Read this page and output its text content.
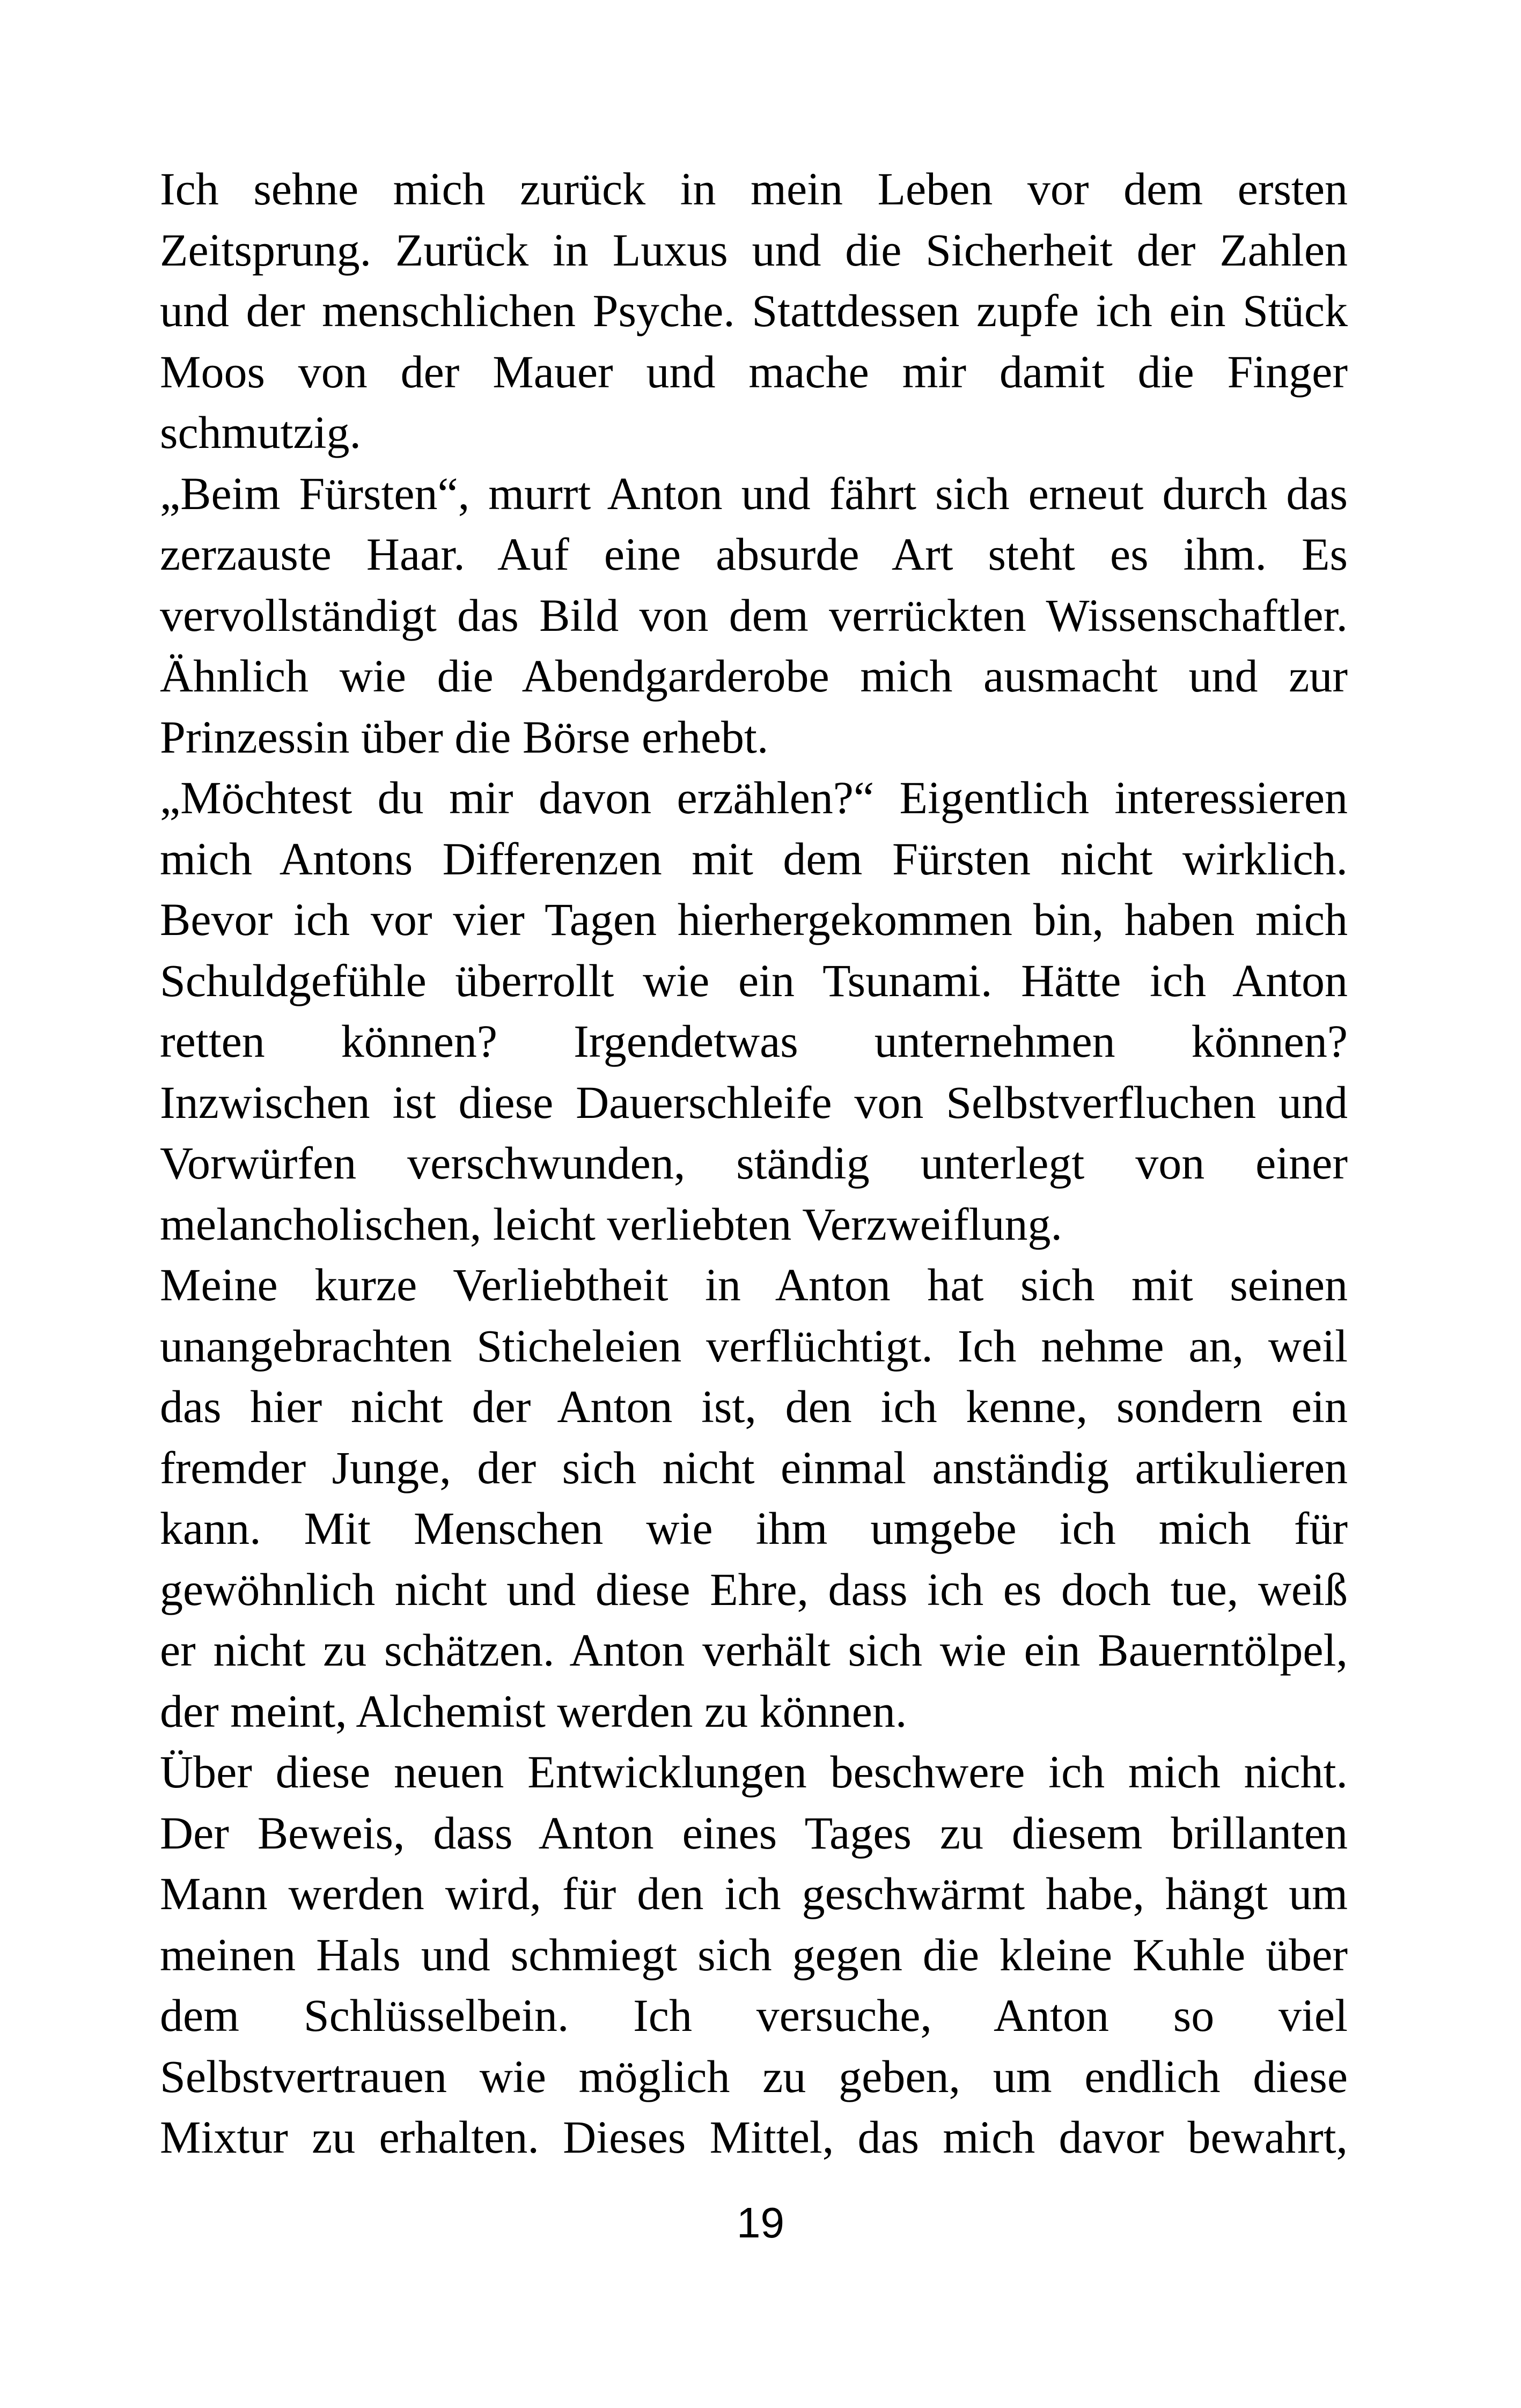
Ich sehne mich zurück in mein Leben vor dem ersten
Zeitsprung. Zurück in Luxus und die Sicherheit der Zahlen
und der menschlichen Psyche. Stattdessen zupfe ich ein Stück
Moos von der Mauer und mache mir damit die Finger
schmutzig.
„Beim Fürsten“, murrt Anton und fährt sich erneut durch das
zerzauste Haar. Auf eine absurde Art steht es ihm. Es
vervollständigt das Bild von dem verrückten Wissenschaftler.
Ähnlich wie die Abendgarderobe mich ausmacht und zur
Prinzessin über die Börse erhebt.
„Möchtest du mir davon erzählen?“ Eigentlich interessieren
mich Antons Differenzen mit dem Fürsten nicht wirklich.
Bevor ich vor vier Tagen hierhergekommen bin, haben mich
Schuldgefühle überrollt wie ein Tsunami. Hätte ich Anton
retten können? Irgendetwas unternehmen können?
Inzwischen ist diese Dauerschleife von Selbstverfluchen und
Vorwürfen verschwunden, ständig unterlegt von einer
melancholischen, leicht verliebten Verzweiflung.
Meine kurze Verliebtheit in Anton hat sich mit seinen
unangebrachten Sticheleien verflüchtigt. Ich nehme an, weil
das hier nicht der Anton ist, den ich kenne, sondern ein
fremder Junge, der sich nicht einmal anständig artikulieren
kann. Mit Menschen wie ihm umgebe ich mich für
gewöhnlich nicht und diese Ehre, dass ich es doch tue, weiß
er nicht zu schätzen. Anton verhält sich wie ein Bauerntölpel,
der meint, Alchemist werden zu können.
Über diese neuen Entwicklungen beschwere ich mich nicht.
Der Beweis, dass Anton eines Tages zu diesem brillanten
Mann werden wird, für den ich geschwärmt habe, hängt um
meinen Hals und schmiegt sich gegen die kleine Kuhle über
dem Schlüsselbein. Ich versuche, Anton so viel
Selbstvertrauen wie möglich zu geben, um endlich diese
Mixtur zu erhalten. Dieses Mittel, das mich davor bewahrt,
19
